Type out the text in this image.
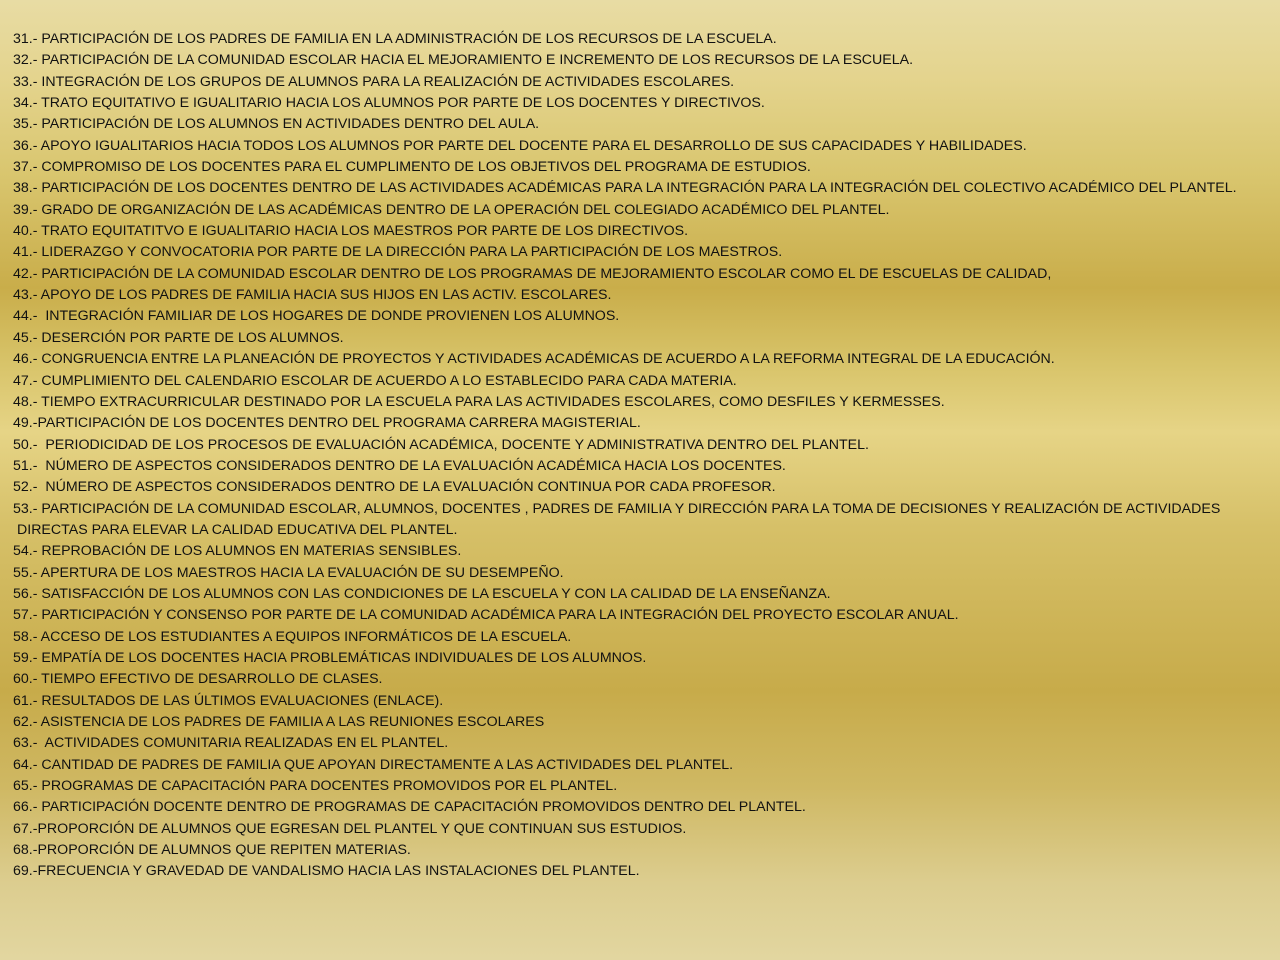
31.- PARTICIPACIÓN DE LOS PADRES DE FAMILIA EN LA ADMINISTRACIÓN DE LOS RECURSOS DE LA ESCUELA.
32.- PARTICIPACIÓN DE LA COMUNIDAD ESCOLAR HACIA EL MEJORAMIENTO E INCREMENTO DE LOS RECURSOS DE LA ESCUELA.
33.- INTEGRACIÓN DE LOS GRUPOS DE ALUMNOS PARA LA REALIZACIÓN DE ACTIVIDADES ESCOLARES.
34.- TRATO EQUITATIVO E IGUALITARIO HACIA LOS ALUMNOS POR PARTE DE LOS DOCENTES Y DIRECTIVOS.
35.- PARTICIPACIÓN DE LOS ALUMNOS EN ACTIVIDADES DENTRO DEL AULA.
36.- APOYO IGUALITARIOS HACIA TODOS LOS ALUMNOS POR PARTE DEL DOCENTE PARA EL DESARROLLO DE SUS CAPACIDADES Y HABILIDADES.
37.- COMPROMISO DE LOS DOCENTES PARA EL CUMPLIMENTO DE LOS OBJETIVOS DEL PROGRAMA DE ESTUDIOS.
38.- PARTICIPACIÓN DE LOS DOCENTES DENTRO DE LAS ACTIVIDADES ACADÉMICAS PARA LA INTEGRACIÓN PARA LA INTEGRACIÓN DEL COLECTIVO ACADÉMICO DEL PLANTEL.
39.- GRADO DE ORGANIZACIÓN DE LAS ACADÉMICAS DENTRO DE LA OPERACIÓN DEL COLEGIADO ACADÉMICO DEL PLANTEL.
40.- TRATO EQUITATITVO E IGUALITARIO HACIA LOS MAESTROS POR PARTE DE LOS DIRECTIVOS.
41.- LIDERAZGO Y CONVOCATORIA POR PARTE DE LA DIRECCIÓN PARA LA PARTICIPACIÓN DE LOS MAESTROS.
42.- PARTICIPACIÓN DE LA COMUNIDAD ESCOLAR DENTRO DE LOS PROGRAMAS DE MEJORAMIENTO ESCOLAR COMO EL DE ESCUELAS DE CALIDAD,
43.- APOYO DE LOS PADRES DE FAMILIA HACIA SUS HIJOS EN LAS ACTIV. ESCOLARES.
44.-  INTEGRACIÓN FAMILIAR DE LOS HOGARES DE DONDE PROVIENEN LOS ALUMNOS.
45.- DESERCIÓN POR PARTE DE LOS ALUMNOS.
46.- CONGRUENCIA ENTRE LA PLANEACIÓN DE PROYECTOS Y ACTIVIDADES ACADÉMICAS DE ACUERDO A LA REFORMA INTEGRAL DE LA EDUCACIÓN.
47.- CUMPLIMIENTO DEL CALENDARIO ESCOLAR DE ACUERDO A LO ESTABLECIDO PARA CADA MATERIA.
48.- TIEMPO EXTRACURRICULAR DESTINADO POR LA ESCUELA PARA LAS ACTIVIDADES ESCOLARES, COMO DESFILES Y KERMESSES.
49.-PARTICIPACIÓN DE LOS DOCENTES DENTRO DEL PROGRAMA CARRERA MAGISTERIAL.
50.-  PERIODICIDAD DE LOS PROCESOS DE EVALUACIÓN ACADÉMICA, DOCENTE Y ADMINISTRATIVA DENTRO DEL PLANTEL.
51.-  NÚMERO DE ASPECTOS CONSIDERADOS DENTRO DE LA EVALUACIÓN ACADÉMICA HACIA LOS DOCENTES.
52.-  NÚMERO DE ASPECTOS CONSIDERADOS DENTRO DE LA EVALUACIÓN CONTINUA POR CADA PROFESOR.
53.- PARTICIPACIÓN DE LA COMUNIDAD ESCOLAR, ALUMNOS, DOCENTES , PADRES DE FAMILIA Y DIRECCIÓN PARA LA TOMA DE DECISIONES Y REALIZACIÓN DE ACTIVIDADES
DIRECTAS PARA ELEVAR LA CALIDAD EDUCATIVA DEL PLANTEL.
54.- REPROBACIÓN DE LOS ALUMNOS EN MATERIAS SENSIBLES.
55.- APERTURA DE LOS MAESTROS HACIA LA EVALUACIÓN DE SU DESEMPEÑO.
56.- SATISFACCIÓN DE LOS ALUMNOS CON LAS CONDICIONES DE LA ESCUELA Y CON LA CALIDAD DE LA ENSEÑANZA.
57.- PARTICIPACIÓN Y CONSENSO POR PARTE DE LA COMUNIDAD ACADÉMICA PARA LA INTEGRACIÓN DEL PROYECTO ESCOLAR ANUAL.
58.- ACCESO DE LOS ESTUDIANTES A EQUIPOS INFORMÁTICOS DE LA ESCUELA.
59.- EMPATÍA DE LOS DOCENTES HACIA PROBLEMÁTICAS INDIVIDUALES DE LOS ALUMNOS.
60.- TIEMPO EFECTIVO DE DESARROLLO DE CLASES.
61.- RESULTADOS DE LAS ÚLTIMOS EVALUACIONES (ENLACE).
62.- ASISTENCIA DE LOS PADRES DE FAMILIA A LAS REUNIONES ESCOLARES
63.-  ACTIVIDADES COMUNITARIA REALIZADAS EN EL PLANTEL.
64.- CANTIDAD DE PADRES DE FAMILIA QUE APOYAN DIRECTAMENTE A LAS ACTIVIDADES DEL PLANTEL.
65.- PROGRAMAS DE CAPACITACIÓN PARA DOCENTES PROMOVIDOS POR EL PLANTEL.
66.- PARTICIPACIÓN DOCENTE DENTRO DE PROGRAMAS DE CAPACITACIÓN PROMOVIDOS DENTRO DEL PLANTEL.
67.-PROPORCIÓN DE ALUMNOS QUE EGRESAN DEL PLANTEL Y QUE CONTINUAN SUS ESTUDIOS.
68.-PROPORCIÓN DE ALUMNOS QUE REPITEN MATERIAS.
69.-FRECUENCIA Y GRAVEDAD DE VANDALISMO HACIA LAS INSTALACIONES DEL PLANTEL.
